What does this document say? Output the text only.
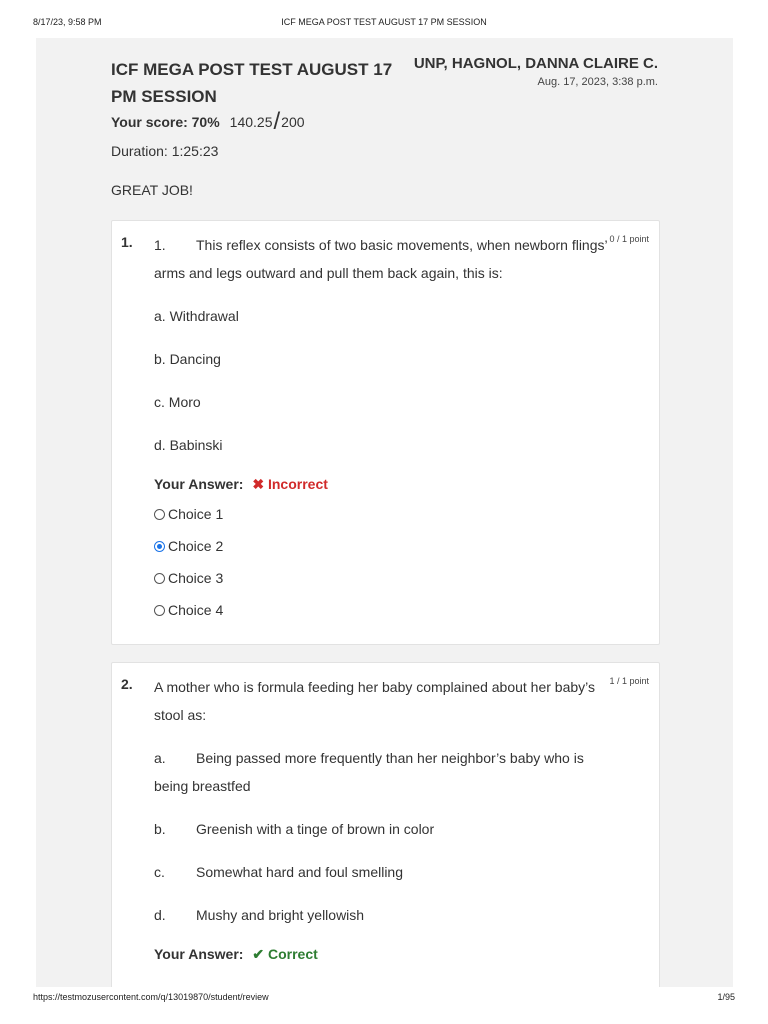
8/17/23, 9:58 PM	ICF MEGA POST TEST AUGUST 17 PM SESSION
ICF MEGA POST TEST AUGUST 17 PM SESSION
UNP, HAGNOL, DANNA CLAIRE C.
Aug. 17, 2023, 3:38 p.m.
Your score: 70% 140.25/200
Duration: 1:25:23
GREAT JOB!
1.	0 / 1 point
1. This reflex consists of two basic movements, when newborn flings’ arms and legs outward and pull them back again, this is:
a. Withdrawal
b. Dancing
c. Moro
d. Babinski
Your Answer: ✖ Incorrect
Choice 1
Choice 2
Choice 3
Choice 4
2.	1 / 1 point
A mother who is formula feeding her baby complained about her baby’s stool as:
a. Being passed more frequently than her neighbor’s baby who is being breastfed
b. Greenish with a tinge of brown in color
c. Somewhat hard and foul smelling
d. Mushy and bright yellowish
Your Answer: ✔ Correct
https://testmozusercontent.com/q/13019870/student/review	1/95
